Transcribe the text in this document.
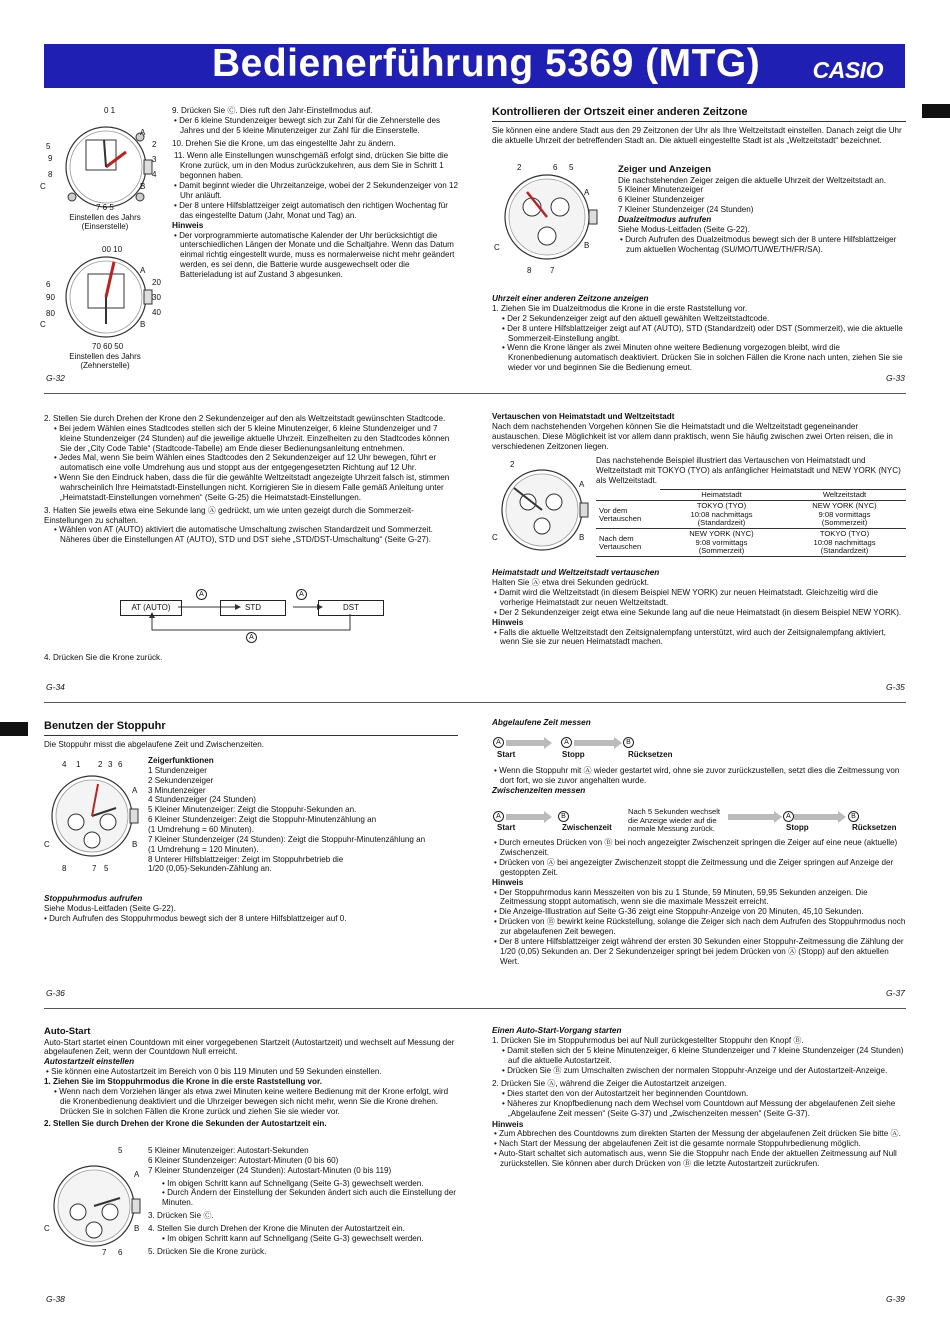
Bedienerführung 5369 (MTG) CASIO
0 1
5
9
8
C
A
2
3
4
B
7 6 5
Einstellen des Jahrs
(Einserstelle)
00 10
6
90
80
C
A
20
30
40
B
70 60 50
Einstellen des Jahrs
(Zehnerstelle)

9. Drücken Sie Ⓒ. Dies ruft den Jahr-Einstellmodus auf.

• Der 6 kleine Stundenzeiger bewegt sich zur Zahl für die Zehnerstelle des Jahres und der 5 kleine Minutenzeiger zur Zahl für die Einserstelle.

10. Drehen Sie die Krone, um das eingestellte Jahr zu ändern.

11. Wenn alle Einstellungen wunschgemäß erfolgt sind, drücken Sie bitte die Krone zurück, um in den Modus zurückzukehren, aus dem Sie in Schritt 1 begonnen haben.

• Damit beginnt wieder die Uhrzeitanzeige, wobei der 2 Sekundenzeiger von 12 Uhr anläuft.

• Der 8 untere Hilfsblattzeiger zeigt automatisch den richtigen Wochentag für das eingestellte Datum (Jahr, Monat und Tag) an.

Hinweis

• Der vorprogrammierte automatische Kalender der Uhr berücksichtigt die unterschiedlichen Längen der Monate und die Schaltjahre. Wenn das Datum einmal richtig eingestellt wurde, muss es normalerweise nicht mehr geändert werden, es sei denn, die Batterie wurde ausgewechselt oder die Batterieladung ist auf Zustand 3 abgesunken.

G-32
Kontrollieren der Ortszeit einer anderen Zeitzone

Sie können eine andere Stadt aus den 29 Zeitzonen der Uhr als Ihre Weltzeitstadt einstellen. Danach zeigt die Uhr die aktuelle Uhrzeit der betreffenden Stadt an. Die aktuell eingestellte Stadt ist als „Weltzeitstadt“ bezeichnet.

2	6 5
8 7
C
A
B

Zeiger und Anzeigen

Die nachstehenden Zeiger zeigen die aktuelle Uhrzeit der Weltzeitstadt an.

5 Kleiner Minutenzeiger

6 Kleiner Stundenzeiger

7 Kleiner Stundenzeiger (24 Stunden)

Dualzeitmodus aufrufen

Siehe Modus-Leitfaden (Seite G-22).

• Durch Aufrufen des Dualzeitmodus bewegt sich der 8 untere Hilfsblattzeiger zum aktuellen Wochentag (SU/MO/TU/WE/TH/FR/SA).

Uhrzeit einer anderen Zeitzone anzeigen

1. Ziehen Sie im Dualzeitmodus die Krone in die erste Raststellung vor.

• Der 2 Sekundenzeiger zeigt auf den aktuell gewählten Weltzeitstadtcode.

• Der 8 untere Hilfsblattzeiger zeigt auf AT (AUTO), STD (Standardzeit) oder DST (Sommerzeit), wie die aktuelle Sommerzeit-Einstellung angibt.

• Wenn die Krone länger als zwei Minuten ohne weitere Bedienung vorgezogen bleibt, wird die Kronenbedienung automatisch deaktiviert. Drücken Sie in solchen Fällen die Krone nach unten, ziehen Sie sie wieder vor und beginnen Sie die Bedienung erneut.

G-33

2. Stellen Sie durch Drehen der Krone den 2 Sekundenzeiger auf den als Weltzeitstadt gewünschten Stadtcode.

• Bei jedem Wählen eines Stadtcodes stellen sich der 5 kleine Minutenzeiger, 6 kleine Stundenzeiger und 7 kleine Stundenzeiger (24 Stunden) auf die jeweilige aktuelle Uhrzeit. Einzelheiten zu den Stadtcodes können Sie der „City Code Table“ (Stadtcode-Tabelle) am Ende dieser Bedienungsanleitung entnehmen.

• Jedes Mal, wenn Sie beim Wählen eines Stadtcodes den 2 Sekundenzeiger auf 12 Uhr bewegen, führt er automatisch eine volle Umdrehung aus und stoppt aus der entgegengesetzten Richtung auf 12 Uhr.

• Wenn Sie den Eindruck haben, dass die für die gewählte Weltzeitstadt angezeigte Uhrzeit falsch ist, stimmen wahrscheinlich Ihre Heimatstadt-Einstellungen nicht. Korrigieren Sie in diesem Falle gemäß Anleitung unter „Heimatstadt-Einstellungen vornehmen“ (Seite G-25) die Heimatstadt-Einstellungen.

3. Halten Sie jeweils etwa eine Sekunde lang Ⓐ gedrückt, um wie unten gezeigt durch die Sommerzeit-Einstellungen zu schalten.

• Wählen von AT (AUTO) aktiviert die automatische Umschaltung zwischen Standardzeit und Sommerzeit. Näheres über die Einstellungen AT (AUTO), STD und DST siehe „STD/DST-Umschaltung“ (Seite G-27).

AT (AUTO)	STD	DST
A	A
A
4. Drücken Sie die Krone zurück.
G-34

Vertauschen von Heimatstadt und Weltzeitstadt

Nach dem nachstehenden Vorgehen können Sie die Heimatstadt und die Weltzeitstadt gegeneinander austauschen. Diese Möglichkeit ist vor allem dann praktisch, wenn Sie häufig zwischen zwei Orten reisen, die in verschiedenen Zeitzonen liegen.

2
C
A
B
Das nachstehende Beispiel illustriert das Vertauschen von Heimatstadt und Weltzeitstadt mit TOKYO (TYO) als anfänglicher Heimatstadt und NEW YORK (NYC) als Weltzeitstadt.
	Heimatstadt	Weltzeitstadt
Vor dem Vertauschen	TOKYO (TYO)
10:08 nachmittags
(Standardzeit)	NEW YORK (NYC)
9:08 vormittags
(Sommerzeit)
Nach dem Vertauschen	NEW YORK (NYC)
9:08 vormittags
(Sommerzeit)	TOKYO (TYO)
10:08 nachmittags
(Standardzeit)

Heimatstadt und Weltzeitstadt vertauschen

Halten Sie Ⓐ etwa drei Sekunden gedrückt.

• Damit wird die Weltzeitstadt (in diesem Beispiel NEW YORK) zur neuen Heimatstadt. Gleichzeitig wird die vorherige Heimatstadt zur neuen Weltzeitstadt.

• Der 2 Sekundenzeiger zeigt etwa eine Sekunde lang auf die neue Heimatstadt (in diesem Beispiel NEW YORK).

Hinweis

• Falls die aktuelle Weltzeitstadt den Zeitsignalempfang unterstützt, wird auch der Zeitsignalempfang aktiviert, wenn Sie sie zur neuen Heimatstadt machen.

G-35
Benutzen der Stoppuhr

Die Stoppuhr misst die abgelaufene Zeit und Zwischenzeiten.

4 1 2 3 6
8	7 5
C
A
B

Zeigerfunktionen

1 Stundenzeiger

2 Sekundenzeiger

3 Minutenzeiger

4 Stundenzeiger (24 Stunden)

5 Kleiner Minutenzeiger: Zeigt die Stoppuhr-Sekunden an.

6 Kleiner Stundenzeiger: Zeigt die Stoppuhr-Minutenzählung an
(1 Umdrehung = 60 Minuten).

7 Kleiner Stundenzeiger (24 Stunden): Zeigt die Stoppuhr-Minutenzählung an
(1 Umdrehung = 120 Minuten).

8 Unterer Hilfsblattzeiger: Zeigt im Stoppuhrbetrieb die
1/20 (0,05)-Sekunden-Zählung an.

Stoppuhrmodus aufrufen

Siehe Modus-Leitfaden (Seite G-22).

• Durch Aufrufen des Stoppuhrmodus bewegt sich der 8 untere Hilfsblattzeiger auf 0.

G-36

Abgelaufene Zeit messen

A	A	B
Start	Stopp	Rücksetzen

• Wenn die Stoppuhr mit Ⓐ wieder gestartet wird, ohne sie zuvor zurückzustellen, setzt dies die Zeitmessung von dort fort, wo sie zuvor angehalten wurde.

Zwischenzeiten messen

A	B	A	B
Nach 5 Sekunden wechselt die Anzeige wieder auf die normale Messung zurück.
Start	Zwischenzeit	Stopp	Rücksetzen

• Durch erneutes Drücken von Ⓑ bei noch angezeigter Zwischenzeit springen die Zeiger auf eine neue (aktuelle) Zwischenzeit.

• Drücken von Ⓐ bei angezeigter Zwischenzeit stoppt die Zeitmessung und die Zeiger springen auf Anzeige der gestoppten Zeit.

Hinweis

• Der Stoppuhrmodus kann Messzeiten von bis zu 1 Stunde, 59 Minuten, 59,95 Sekunden anzeigen. Die Zeitmessung stoppt automatisch, wenn sie die maximale Messzeit erreicht.

• Die Anzeige-Illustration auf Seite G-36 zeigt eine Stoppuhr-Anzeige von 20 Minuten, 45,10 Sekunden.

• Drücken von Ⓑ bewirkt keine Rückstellung, solange die Zeiger sich nach dem Aufrufen des Stoppuhrmodus noch zur abgelaufenen Zeit bewegen.

• Der 8 untere Hilfsblattzeiger zeigt während der ersten 30 Sekunden einer Stoppuhr-Zeitmessung die Zählung der 1/20 (0,05) Sekunden an. Der 2 Sekundenzeiger springt bei jedem Drücken von Ⓐ (Stopp) auf den aktuellen Wert.

G-37

Auto-Start

Auto-Start startet einen Countdown mit einer vorgegebenen Startzeit (Autostartzeit) und wechselt auf Messung der abgelaufenen Zeit, wenn der Countdown Null erreicht.

Autostartzeit einstellen

• Sie können eine Autostartzeit im Bereich von 0 bis 119 Minuten und 59 Sekunden einstellen.

1. Ziehen Sie im Stoppuhrmodus die Krone in die erste Raststellung vor.

• Wenn nach dem Vorziehen länger als etwa zwei Minuten keine weitere Bedienung mit der Krone erfolgt, wird die Kronenbedienung deaktiviert und die Uhrzeiger bewegen sich nicht mehr, wenn Sie die Krone drehen. Drücken Sie in solchen Fällen die Krone zurück und ziehen Sie sie wieder vor.

2. Stellen Sie durch Drehen der Krone die Sekunden der Autostartzeit ein.

5
7 6
C
A
B

5 Kleiner Minutenzeiger: Autostart-Sekunden

6 Kleiner Stundenzeiger: Autostart-Minuten (0 bis 60)

7 Kleiner Stundenzeiger (24 Stunden): Autostart-Minuten (0 bis 119)

• Im obigen Schritt kann auf Schnellgang (Seite G-3) gewechselt werden.

• Durch Ändern der Einstellung der Sekunden ändert sich auch die Einstellung der Minuten.

3. Drücken Sie Ⓒ.

4. Stellen Sie durch Drehen der Krone die Minuten der Autostartzeit ein.

• Im obigen Schritt kann auf Schnellgang (Seite G-3) gewechselt werden.

5. Drücken Sie die Krone zurück.

G-38

Einen Auto-Start-Vorgang starten

1. Drücken Sie im Stoppuhrmodus bei auf Null zurückgestellter Stoppuhr den Knopf Ⓑ.

• Damit stellen sich der 5 kleine Minutenzeiger, 6 kleine Stundenzeiger und 7 kleine Stundenzeiger (24 Stunden) auf die aktuelle Autostartzeit.

• Drücken Sie Ⓑ zum Umschalten zwischen der normalen Stoppuhr-Anzeige und der Autostartzeit-Anzeige.

2. Drücken Sie Ⓐ, während die Zeiger die Autostartzeit anzeigen.

• Dies startet den von der Autostartzeit her beginnenden Countdown.

• Näheres zur Knopfbedienung nach dem Wechsel vom Countdown auf Messung der abgelaufenen Zeit siehe „Abgelaufene Zeit messen“ (Seite G-37) und „Zwischenzeiten messen“ (Seite G-37).

Hinweis

• Zum Abbrechen des Countdowns zum direkten Starten der Messung der abgelaufenen Zeit drücken Sie bitte Ⓐ.

• Nach Start der Messung der abgelaufenen Zeit ist die gesamte normale Stoppuhrbedienung möglich.

• Auto-Start schaltet sich automatisch aus, wenn Sie die Stoppuhr nach Ende der aktuellen Zeitmessung auf Null zurückstellen. Sie können aber durch Drücken von Ⓑ die letzte Autostartzeit zurückrufen.

G-39
